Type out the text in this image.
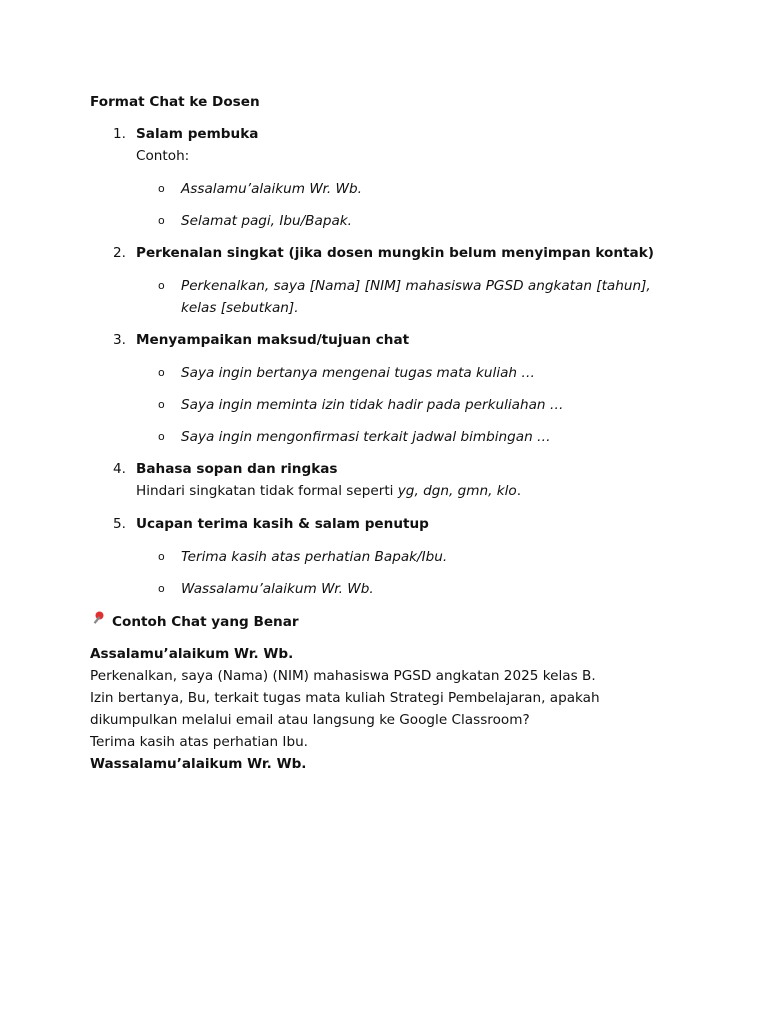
Format Chat ke Dosen
1. Salam pembuka
Contoh:
o Assalamu’alaikum Wr. Wb.
o Selamat pagi, Ibu/Bapak.
2. Perkenalan singkat (jika dosen mungkin belum menyimpan kontak)
o Perkenalkan, saya [Nama] [NIM] mahasiswa PGSD angkatan [tahun], kelas [sebutkan].
3. Menyampaikan maksud/tujuan chat
o Saya ingin bertanya mengenai tugas mata kuliah …
o Saya ingin meminta izin tidak hadir pada perkuliahan …
o Saya ingin mengonfirmasi terkait jadwal bimbingan …
4. Bahasa sopan dan ringkas
Hindari singkatan tidak formal seperti yg, dgn, gmn, klo.
5. Ucapan terima kasih & salam penutup
o Terima kasih atas perhatian Bapak/Ibu.
o Wassalamu’alaikum Wr. Wb.
Contoh Chat yang Benar

Assalamu’alaikum Wr. Wb.

Perkenalkan, saya (Nama) (NIM) mahasiswa PGSD angkatan 2025 kelas B.

Izin bertanya, Bu, terkait tugas mata kuliah Strategi Pembelajaran, apakah dikumpulkan melalui email atau langsung ke Google Classroom?

Terima kasih atas perhatian Ibu.

Wassalamu’alaikum Wr. Wb.
